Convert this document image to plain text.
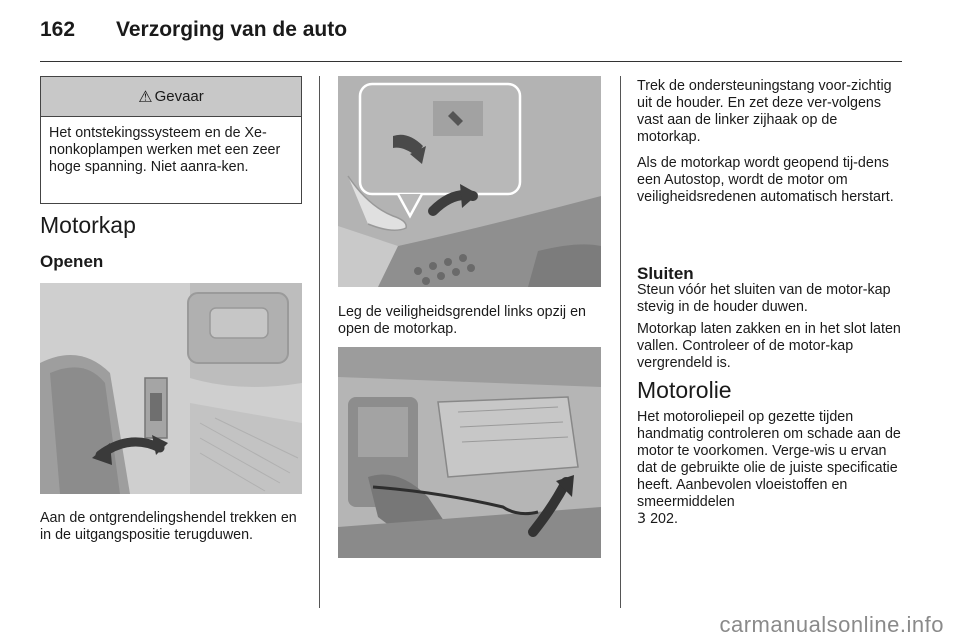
162	Verzorging van de auto
⚠ Gevaar
Het ontstekingssysteem en de Xe-nonkoplampen werken met een zeer hoge spanning. Niet aanra-ken.
Motorkap
Openen
Aan de ontgrendelingshendel trekken en in de uitgangspositie terugduwen.
Leg de veiligheidsgrendel links opzij en open de motorkap.
Trek de ondersteuningstang voor-zichtig uit de houder. En zet deze ver-volgens vast aan de linker zijhaak op de motorkap.
Als de motorkap wordt geopend tij-dens een Autostop, wordt de motor om veiligheidsredenen automatisch herstart.
Sluiten
Steun vóór het sluiten van de motor-kap stevig in de houder duwen.
Motorkap laten zakken en in het slot laten vallen. Controleer of de motor-kap vergrendeld is.
Motorolie
Het motoroliepeil op gezette tijden handmatig controleren om schade aan de motor te voorkomen. Verge-wis u ervan dat de gebruikte olie de juiste specificatie heeft. Aanbevolen vloeistoffen en smeermiddelen
3 202.
carmanualsonline.info
